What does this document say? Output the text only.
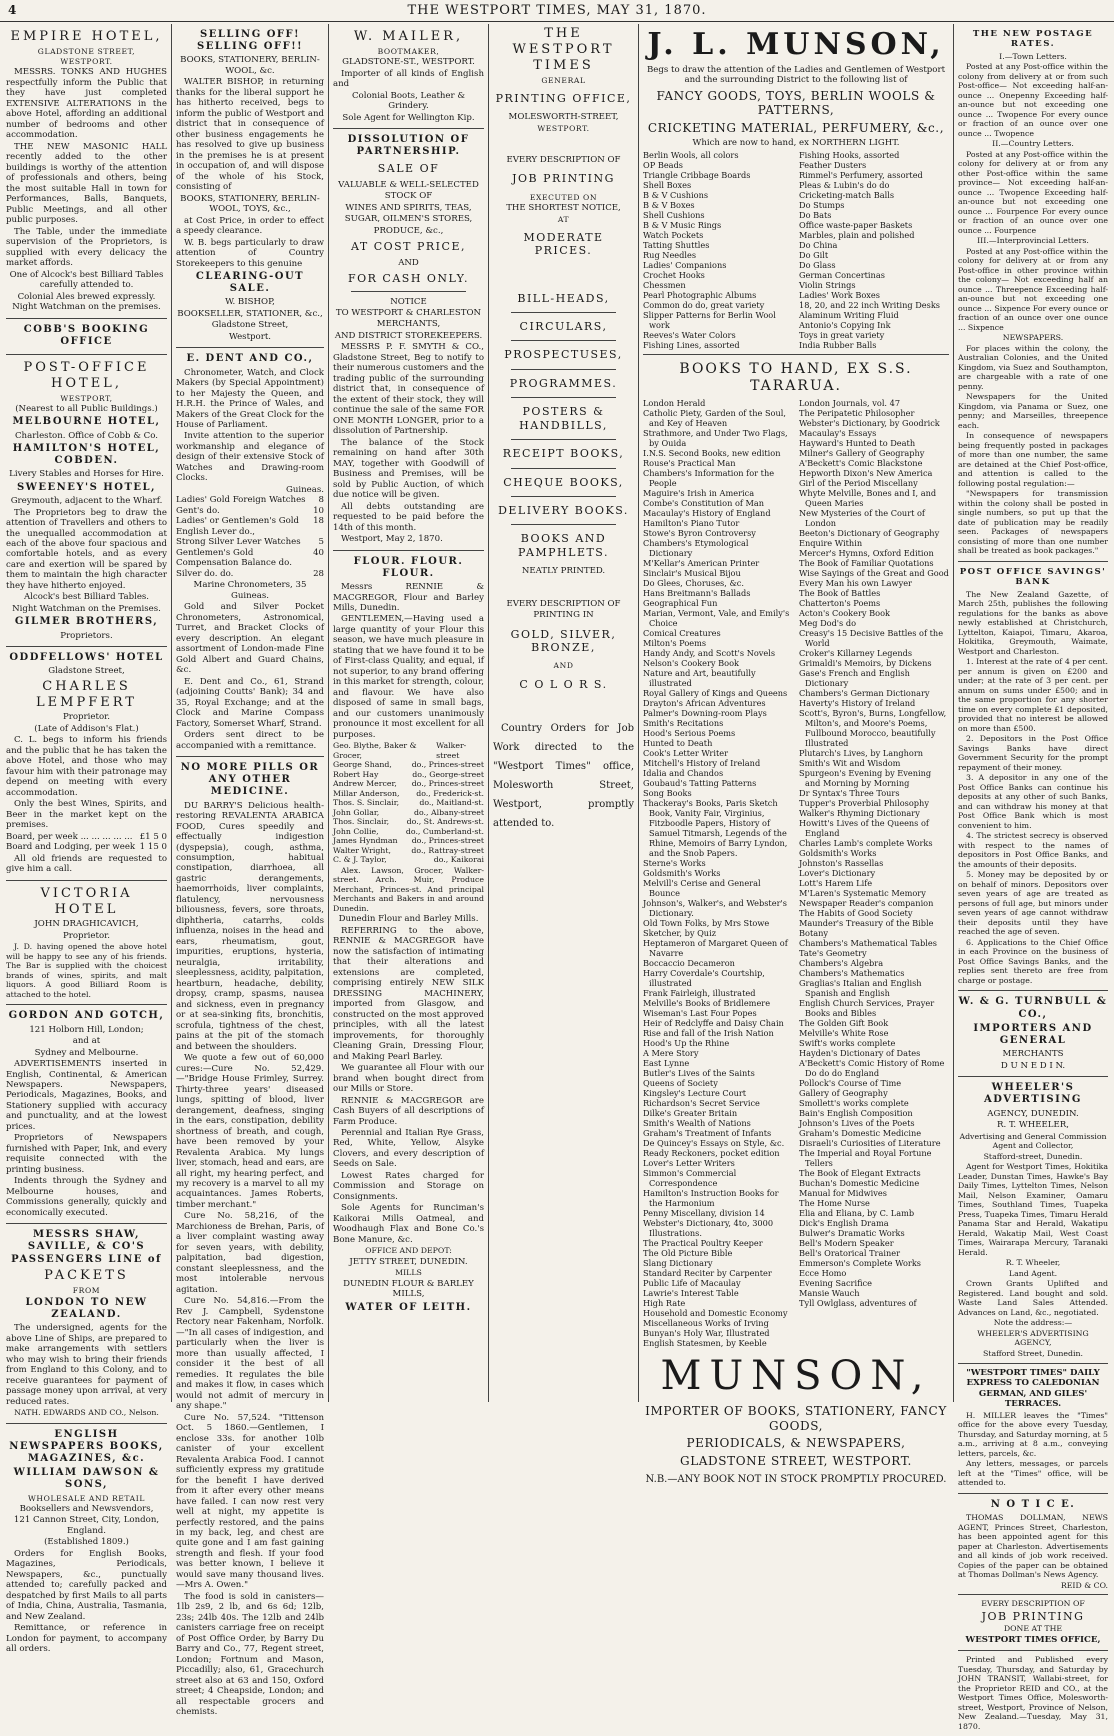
4	THE WESTPORT TIMES, MAY 31, 1870.
EMPIRE HOTEL,
GLADSTONE STREET,
WESTPORT.
MESSRS. TONKS AND HUGHES respectfully inform the Public that they have just completed EXTENSIVE ALTERATIONS in the above Hotel, affording an additional number of bedrooms and other accommodation.
THE NEW MASONIC HALL recently added to the other buildings is worthy of the attention of professionals and others, being the most suitable Hall in town for Performances, Balls, Banquets, Public Meetings, and all other public purposes.
The Table, under the immediate supervision of the Proprietors, is supplied with every delicacy the market affords.
One of Alcock's best Billiard Tables carefully attended to.
Colonial Ales brewed expressly. Night Watchman on the premises.
COBB'S BOOKING OFFICE
POST-OFFICE HOTEL,
WESTPORT,
(Nearest to all Public Buildings.)
MELBOURNE HOTEL,
Charleston. Office of Cobb & Co.
HAMILTON'S HOTEL, COBDEN.
Livery Stables and Horses for Hire.
SWEENEY'S HOTEL,
Greymouth, adjacent to the Wharf.
The Proprietors beg to draw the attention of Travellers and others to the unequalled accommodation at each of the above four spacious and comfortable hotels, and as every care and exertion will be spared by them to maintain the high character they have hitherto enjoyed.
Alcock's best Billiard Tables.
Night Watchman on the Premises.
GILMER BROTHERS,
Proprietors.
ODDFELLOWS' HOTEL
Gladstone Street,
CHARLES LEMPFERT
Proprietor.
(Late of Addison's Flat.)
C. L. begs to inform his friends and the public that he has taken the above Hotel, and those who may favour him with their patronage may depend on meeting with every accommodation.
Only the best Wines, Spirits, and Beer in the market kept on the premises.
Board, per week ... ... ... ... ... £1 5 0
Board and Lodging, per week 1 15 0
All old friends are requested to give him a call.
VICTORIA HOTEL
JOHN DRAGHICAVICH,
Proprietor.
J. D. having opened the above hotel will be happy to see any of his friends. The Bar is supplied with the choicest brands of wines, spirits, and malt liquors. A good Billiard Room is attached to the hotel.
GORDON AND GOTCH,
121 Holborn Hill, London;
and at
Sydney and Melbourne.
ADVERTISEMENTS inserted in English, Continental, & American Newspapers. Newspapers, Periodicals, Magazines, Books, and Stationery supplied with accuracy and punctuality, and at the lowest prices.
Proprietors of Newspapers furnished with Paper, Ink, and every requisite connected with the printing business.
Indents through the Sydney and Melbourne houses, and Commissions generally, quickly and economically executed.
MESSRS SHAW, SAVILLE, & CO'S PASSENGERS LINE of
PACKETS
FROM
LONDON TO NEW ZEALAND.
The undersigned, agents for the above Line of Ships, are prepared to make arrangements with settlers who may wish to bring their friends from England to this Colony, and to receive guarantees for payment of passage money upon arrival, at very reduced rates.
NATH. EDWARDS AND CO., Nelson.
ENGLISH NEWSPAPERS BOOKS, MAGAZINES, &c.
WILLIAM DAWSON & SONS,
WHOLESALE AND RETAIL
Booksellers and Newsvendors,
121 Cannon Street, City, London, England.
(Established 1809.)
Orders for English Books, Magazines, Periodicals, Newspapers, &c., punctually attended to; carefully packed and despatched by first Mails to all parts of India, China, Australia, Tasmania, and New Zealand.
Remittance, or reference in London for payment, to accompany all orders.
SELLING OFF! SELLING OFF!!
BOOKS, STATIONERY, BERLIN-WOOL, &c.
WALTER BISHOP, in returning thanks for the liberal support he has hitherto received, begs to inform the public of Westport and district that in consequence of other business engagements he has resolved to give up business in the premises he is at present in occupation of, and will dispose of the whole of his Stock, consisting of
BOOKS, STATIONERY, BERLIN-WOOL, TOYS, &c.,
at Cost Price, in order to effect a speedy clearance.
W. B. begs particularly to draw attention of Country Storekeepers to this genuine
CLEARING-OUT SALE.
W. BISHOP,
BOOKSELLER, STATIONER, &c.,
Gladstone Street,
Westport.
E. DENT AND CO.,
Chronometer, Watch, and Clock Makers (by Special Appointment) to her Majesty the Queen, and H.R.H. the Prince of Wales, and Makers of the Great Clock for the House of Parliament.
Invite attention to the superior workmanship and elegance of design of their extensive Stock of Watches and Drawing-room Clocks.
Guineas.
Ladies' Gold Foreign Watches 8
Gent's do.	10
Ladies' or Gentlemen's Gold English Lever do.,
18
Strong Silver Lever Watches 5
Gentlemen's Gold Compensation Balance do.
40
Silver do. do.	28
Marine Chronometers, 35 Guineas.
Gold and Silver Pocket Chronometers, Astronomical, Turret, and Bracket Clocks of every description. An elegant assortment of London-made Fine Gold Albert and Guard Chains, &c.
E. Dent and Co., 61, Strand (adjoining Coutts' Bank); 34 and 35, Royal Exchange; and at the Clock and Marine Compass Factory, Somerset Wharf, Strand.
Orders sent direct to be accompanied with a remittance.
NO MORE PILLS OR ANY OTHER MEDICINE.
DU BARRY'S Delicious health-restoring REVALENTA ARABICA FOOD, Cures speedily and effectually indigestion (dyspepsia), cough, asthma, consumption, habitual constipation, diarrhoea, all gastric derangements, haemorrhoids, liver complaints, flatulency, nervousness biliousness, fevers, sore throats, diphtheria, catarrhs, colds influenza, noises in the head and ears, rheumatism, gout, impurities, eruptions, hysteria, neuralgia, irritability, sleeplessness, acidity, palpitation, heartburn, headache, debility, dropsy, cramp, spasms, nausea and sickness, even in pregnancy or at sea-sinking fits, bronchitis, scrofula, tightness of the chest, pains at the pit of the stomach and between the shoulders.
We quote a few out of 60,000 cures:—Cure No. 52,429.—"Bridge House Frimley, Surrey. Thirty-three years' diseased lungs, spitting of blood, liver derangement, deafness, singing in the ears, constipation, debility shortness of breath, and cough, have been removed by your Revalenta Arabica. My lungs liver, stomach, head and ears, are all right, my hearing perfect, and my recovery is a marvel to all my acquaintances. James Roberts, timber merchant."
Cure No. 58,216, of the Marchioness de Brehan, Paris, of a liver complaint wasting away for seven years, with debility, palpitation, bad digestion, constant sleeplessness, and the most intolerable nervous agitation.
Cure No. 54,816.—From the Rev J. Campbell, Sydenstone Rectory near Fakenham, Norfolk.—"In all cases of indigestion, and particularly when the liver is more than usually affected, I consider it the best of all remedies. It regulates the bile and makes it flow, in cases which would not admit of mercury in any shape."
Cure No. 57,524. "Tittenson Oct. 5 1860.—Gentlemen, I enclose 33s. for another 10lb canister of your excellent Revalenta Arabica Food. I cannot sufficiently express my gratitude for the benefit I have derived from it after every other means have failed. I can now rest very well at night, my appetite is perfectly restored, and the pains in my back, leg, and chest are quite gone and I am fast gaining strength and flesh. If your food was better known, I believe it would save many thousand lives.—Mrs A. Owen."
The food is sold in canisters—1lb 2s9, 2 lb, and 6s 6d; 12lb, 23s; 24lb 40s. The 12lb and 24lb canisters carriage free on receipt of Post Office Order, by Barry Du Barry and Co., 77, Regent street, London; Fortnum and Mason, Piccadilly; also, 61, Gracechurch street also at 63 and 150, Oxford street; 4 Cheapside, London; and all respectable grocers and chemists.
W. MAILER,
BOOTMAKER,
GLADSTONE-ST., WESTPORT.
Importer of all kinds of English and
Colonial Boots, Leather & Grindery.
Sole Agent for Wellington Kip.
DISSOLUTION OF PARTNERSHIP.
SALE OF
VALUABLE & WELL-SELECTED
STOCK OF
WINES AND SPIRITS, TEAS,
SUGAR, OILMEN'S STORES,
PRODUCE, &c.,
AT COST PRICE,
AND
FOR CASH ONLY.
NOTICE
TO WESTPORT & CHARLESTON
MERCHANTS,
AND DISTRICT STOREKEEPERS.
MESSRS P. F. SMYTH & CO., Gladstone Street, Beg to notify to their numerous customers and the trading public of the surrounding district that, in consequence of the extent of their stock, they will continue the sale of the same FOR ONE MONTH LONGER, prior to a dissolution of Partnership.
The balance of the Stock remaining on hand after 30th MAY, together with Goodwill of Business and Premises, will be sold by Public Auction, of which due notice will be given.
All debts outstanding are requested to be paid before the 14th of this month.
Westport, May 2, 1870.
FLOUR. FLOUR. FLOUR.
Messrs RENNIE & MACGREGOR, Flour and Barley Mills, Dunedin.
GENTLEMEN,—Having used a large quantity of your Flour this season, we have much pleasure in stating that we have found it to be of First-class Quality, and equal, if not superior, to any brand offering in this market for strength, colour, and flavour. We have also disposed of same in small bags, and our customers unanimously pronounce it most excellent for all purposes.
Geo. Blythe, Baker & Grocer,
Walker-street
George Shand,	do., Princes-street
Robert Hay	do., George-street
Andrew Mercer, do., Princes-street
Millar Anderson, do., Frederick-st.
Thos. S. Sinclair,	do., Maitland-st.
John Gollar,	do., Albany-street
Thos. Sinclair, do., St. Andrews-st.
John Collie,	do., Cumberland-st.
James Hyndman do., Princes-street
Walter Wright,	do., Rattray-street
C. & J. Taylor,	do., Kaikorai
Alex. Lawson, Grocer, Walker-street. Arch. Muir, Produce Merchant, Princes-st. And principal Merchants and Bakers in and around Dunedin.
Dunedin Flour and Barley Mills.
REFERRING to the above, RENNIE & MACGREGOR have now the satisfaction of intimating that their alterations and extensions are completed, comprising entirely NEW SILK DRESSING MACHINERY, imported from Glasgow, and constructed on the most approved principles, with all the latest improvements, for thoroughly Cleaning Grain, Dressing Flour, and Making Pearl Barley.
We guarantee all Flour with our brand when bought direct from our Mills or Store.
RENNIE & MACGREGOR are Cash Buyers of all descriptions of Farm Produce.
Perennial and Italian Rye Grass, Red, White, Yellow, Alsyke Clovers, and every description of Seeds on Sale.
Lowest Rates charged for Commission and Storage on Consignments.
Sole Agents for Runciman's Kaikorai Mills Oatmeal, and Woodhaugh Flax and Bone Co.'s Bone Manure, &c.
OFFICE AND DEPOT:
JETTY STREET, DUNEDIN.
MILLS
DUNEDIN FLOUR & BARLEY MILLS,
WATER OF LEITH.
THE WESTPORT TIMES
GENERAL
PRINTING OFFICE,
MOLESWORTH-STREET,
WESTPORT.
EVERY DESCRIPTION OF
JOB PRINTING
EXECUTED ON
THE SHORTEST NOTICE,
AT
MODERATE PRICES.
BILL-HEADS,
CIRCULARS,
PROSPECTUSES,
PROGRAMMES.
POSTERS & HANDBILLS,
RECEIPT BOOKS,
CHEQUE BOOKS,
DELIVERY BOOKS.
BOOKS AND PAMPHLETS.
NEATLY PRINTED.
EVERY DESCRIPTION OF
PRINTING IN
GOLD, SILVER, BRONZE,
AND
C O L O R S.
Country Orders for Job Work directed to the "Westport Times" office, Molesworth Street, Westport, promptly attended to.
J. L. MUNSON,
Begs to draw the attention of the Ladies and Gentlemen of Westport and the surrounding District to the following list of
FANCY GOODS, TOYS, BERLIN WOOLS & PATTERNS,
CRICKETING MATERIAL, PERFUMERY, &c.,
Which are now to hand, ex NORTHERN LIGHT.
Berlin Wools, all colors
OP Beads
Triangle Cribbage Boards
Shell Boxes
B & V Cushions
B & V Boxes
Shell Cushions
B & V Music Rings
Watch Pockets
Tatting Shuttles
Rug Needles
Ladies' Companions
Crochet Hooks
Chessmen
Pearl Photographic Albums
Common do do, great variety
Slipper Patterns for Berlin Wool work
Reeves's Water Colors
Fishing Lines, assorted
Fishing Hooks, assorted
Feather Dusters
Rimmel's Perfumery, assorted
Pleas & Lubin's do do
Cricketing-match Balls
Do Stumps
Do Bats
Office waste-paper Baskets
Marbles, plain and polished
Do China
Do Gilt
Do Glass
German Concertinas
Violin Strings
Ladies' Work Boxes
18, 20, and 22 inch Writing Desks
Alaminum Writing Fluid
Antonio's Copying Ink
Toys in great variety
India Rubber Balls
BOOKS TO HAND, EX S.S. TARARUA.
London Herald
Catholic Piety, Garden of the Soul, and Key of Heaven
Strathmore, and Under Two Flags, by Ouida
I.N.S. Second Books, new edition
Rouse's Practical Man
Chambers's Information for the People
Maguire's Irish in America
Combe's Constitution of Man
Macaulay's History of England
Hamilton's Piano Tutor
Stowe's Byron Controversy
Chambers's Etymological Dictionary
M'Kellar's American Printer
Sinclair's Musical Bijou
Do Glees, Choruses, &c.
Hans Breitmann's Ballads
Geographical Fun
Marian, Vermont, Vale, and Emily's Choice
Comical Creatures
Milton's Poems
Handy Andy, and Scott's Novels
Nelson's Cookery Book
Nature and Art, beautifully illustrated
Royal Gallery of Kings and Queens
Drayton's African Adventures
Palmer's Downing-room Plays
Smith's Recitations
Hood's Serious Poems
Hunted to Death
Cook's Letter Writer
Mitchell's History of Ireland
Idalia and Chandos
Goubaud's Tatting Patterns
Song Books
Thackeray's Books, Paris Sketch Book, Vanity Fair, Virginius, Fitzboodle Papers, History of Samuel Titmarsh, Legends of the Rhine, Memoirs of Barry Lyndon, and the Snob Papers.
Sterne's Works
Goldsmith's Works
Melvill's Cerise and General Bounce
Johnson's, Walker's, and Webster's Dictionary.
Old Town Folks, by Mrs Stowe
Sketcher, by Quiz
Heptameron of Margaret Queen of Navarre
Boccaccio Decameron
Harry Coverdale's Courtship, illustrated
Frank Fairleigh, illustrated
Melville's Books of Bridlemere
Wiseman's Last Four Popes
Heir of Redclyffe and Daisy Chain
Rise and fall of the Irish Nation
Hood's Up the Rhine
A Mere Story
East Lynne
Butler's Lives of the Saints
Queens of Society
Kingsley's Lecture Court
Richardson's Secret Service
Dilke's Greater Britain
Smith's Wealth of Nations
Graham's Treatment of Infants
De Quincey's Essays on Style, &c.
Ready Reckoners, pocket edition
Lover's Letter Writers
Simmon's Commercial Correspondence
Hamilton's Instruction Books for the Harmonium
Penny Miscellany, division 14
Webster's Dictionary, 4to, 3000 Illustrations.
The Practical Poultry Keeper
The Old Picture Bible
Slang Dictionary
Standard Reciter by Carpenter
Public Life of Macaulay
Lawrie's Interest Table
High Rate
Household and Domestic Economy
Miscellaneous Works of Irving
Bunyan's Holy War, Illustrated
English Statesmen, by Keeble
London Journals, vol. 47
The Peripatetic Philosopher
Webster's Dictionary, by Goodrick
Macaulay's Essays
Hayward's Hunted to Death
Milner's Gallery of Geography
A'Beckett's Comic Blackstone
Hepworth Dixon's New America
Girl of the Period Miscellany
Whyte Melville, Bones and I, and Queen Maries
New Mysteries of the Court of London
Beeton's Dictionary of Geography
Enquire Within
Mercer's Hymns, Oxford Edition
The Book of Familiar Quotations
Wise Sayings of the Great and Good
Every Man his own Lawyer
The Book of Battles
Chatterton's Poems
Acton's Cookery Book
Meg Dod's do
Creasy's 15 Decisive Battles of the World
Croker's Killarney Legends
Grimaldi's Memoirs, by Dickens
Gase's French and English Dictionary
Chambers's German Dictionary
Haverty's History of Ireland
Scott's, Byron's, Burns, Longfellow, Milton's, and Moore's Poems, Fullbound Morocco, beautifully Illustrated
Plutarch's Lives, by Langhorn
Smith's Wit and Wisdom
Spurgeon's Evening by Evening and Morning by Morning
Dr Syntax's Three Tours
Tupper's Proverbial Philosophy
Walker's Rhyming Dictionary
Howitt's Lives of the Queens of England
Charles Lamb's complete Works
Goldsmith's Works
Johnston's Rassellas
Lover's Dictionary
Lott's Harem Life
M'Laren's Systematic Memory
Newspaper Reader's companion
The Habits of Good Society
Maunder's Treasury of the Bible
Botany
Chambers's Mathematical Tables
Tate's Geometry
Chambers's Algebra
Chambers's Mathematics
Graglias's Italian and English Spanish and English
English Church Services, Prayer Books and Bibles
The Golden Gift Book
Melville's White Rose
Swift's works complete
Hayden's Dictionary of Dates
A'Beckett's Comic History of Rome Do do do England
Pollock's Course of Time
Gallery of Geography
Smollett's works complete
Bain's English Composition
Johnson's Lives of the Poets
Graham's Domestic Medicine
Disraeli's Curiosities of Literature
The Imperial and Royal Fortune Tellers
The Book of Elegant Extracts
Buchan's Domestic Medicine
Manual for Midwives
The Home Nurse
Elia and Eliana, by C. Lamb
Dick's English Drama
Bulwer's Dramatic Works
Bell's Modern Speaker
Bell's Oratorical Trainer
Emmerson's Complete Works
Ecce Homo
Evening Sacrifice
Mansie Wauch
Tyll Owlglass, adventures of
MUNSON,
IMPORTER OF BOOKS, STATIONERY, FANCY GOODS,
PERIODICALS, & NEWSPAPERS,
GLADSTONE STREET, WESTPORT.
N.B.—ANY BOOK NOT IN STOCK PROMPTLY PROCURED.
THE NEW POSTAGE RATES.
I.—Town Letters.
Posted at any Post-office within the colony from delivery at or from such Post-office— Not exceeding half-an-ounce ... Onepenny Exceeding half-an-ounce but not exceeding one ounce ... Twopence For every ounce or fraction of an ounce over one ounce ... Twopence
II.—Country Letters.
Posted at any Post-office within the colony for delivery at or from any other Post-office within the same province— Not exceeding half-an-ounce ... Twopence Exceeding half-an-ounce but not exceeding one ounce ... Fourpence For every ounce or fraction of an ounce over one ounce ... Fourpence
III.—Interprovincial Letters.
Posted at any Post-office within the colony for delivery at or from any Post-office in other province within the colony— Not exceeding half an ounce ... Threepence Exceeding half-an-ounce but not exceeding one ounce ... Sixpence For every ounce or fraction of an ounce over one ounce ... Sixpence
NEWSPAPERS.
For places within the colony, the Australian Colonies, and the United Kingdom, via Suez and Southampton, are chargeable with a rate of one penny.
Newspapers for the United Kingdom, via Panama or Suez, one penny; and Marseilles, threepence each.
In consequence of newspapers being frequently posted in packages of more than one number, the same are detained at the Chief Post-office, and attention is called to the following postal regulation:—
"Newspapers for transmission within the colony shall be posted in single numbers, so put up that the date of publication may be readily seen. Packages of newspapers consisting of more than one number shall be treated as book packages."
POST OFFICE SAVINGS' BANK
The New Zealand Gazette, of March 25th, publishes the following regulations for the banks as above newly established at Christchurch, Lyttelton, Kaiapoi, Timaru, Akaroa, Hokitika, Greymouth, Waimate, Westport and Charleston.
1. Interest at the rate of 4 per cent. per annum is given on £200 and under; at the rate of 3 per cent. per annum on sums under £500; and in the same proportion for any shorter time on every complete £1 deposited, provided that no interest be allowed on more than £500.
2. Depositors in the Post Office Savings Banks have direct Government Security for the prompt repayment of their money.
3. A depositor in any one of the Post Office Banks can continue his deposits at any other of such Banks, and can withdraw his money at that Post Office Bank which is most convenient to him.
4. The strictest secrecy is observed with respect to the names of depositors in Post Office Banks, and the amounts of their deposits.
5. Money may be deposited by or on behalf of minors. Depositors over seven years of age are treated as persons of full age, but minors under seven years of age cannot withdraw their deposits until they have reached the age of seven.
6. Applications to the Chief Office in each Province on the business of Post Office Savings Banks, and the replies sent thereto are free from charge or postage.
W. & G. TURNBULL & CO.,
IMPORTERS AND GENERAL
MERCHANTS
D U N E D I N.
WHEELER'S ADVERTISING
AGENCY, DUNEDIN.
R. T. WHEELER,
Advertising and General Commission Agent and Collector,
Stafford-street, Dunedin.
Agent for Westport Times, Hokitika Leader, Dunstan Times, Hawke's Bay Daily Times, Lyttelton Times, Nelson Mail, Nelson Examiner, Oamaru Times, Southland Times, Tuapeka Press, Tuapeka Times, Timaru Herald Panama Star and Herald, Wakatipu Herald, Wakatip Mail, West Coast Times, Wairarapa Mercury, Taranaki Herald.
R. T. Wheeler,
Land Agent.
Crown Grants Uplifted and Registered. Land bought and sold. Waste Land Sales Attended. Advances on Land, &c., negotiated.
Note the address:—
WHEELER'S ADVERTISING AGENCY,
Stafford Street, Dunedin.
"WESTPORT TIMES" DAILY EXPRESS TO CALEDONIAN GERMAN, AND GILES' TERRACES.
H. MILLER leaves the "Times" office for the above every Tuesday, Thursday, and Saturday morning, at 5 a.m., arriving at 8 a.m., conveying letters, parcels, &c.
Any letters, messages, or parcels left at the "Times" office, will be attended to.
N O T I C E.
THOMAS DOLLMAN, NEWS AGENT, Princes Street, Charleston, has been appointed agent for this paper at Charleston. Advertisements and all kinds of job work received. Copies of the paper can be obtained at Thomas Dollman's News Agency.
REID & CO.
EVERY DESCRIPTION OF
JOB PRINTING
DONE AT THE
WESTPORT TIMES OFFICE,
Printed and Published every Tuesday, Thursday, and Saturday by JOHN TRANSIT, Wallabi-street, for the Proprietor REID and CO., at the Westport Times Office, Molesworth-street, Westport, Province of Nelson, New Zealand.—Tuesday, May 31, 1870.
